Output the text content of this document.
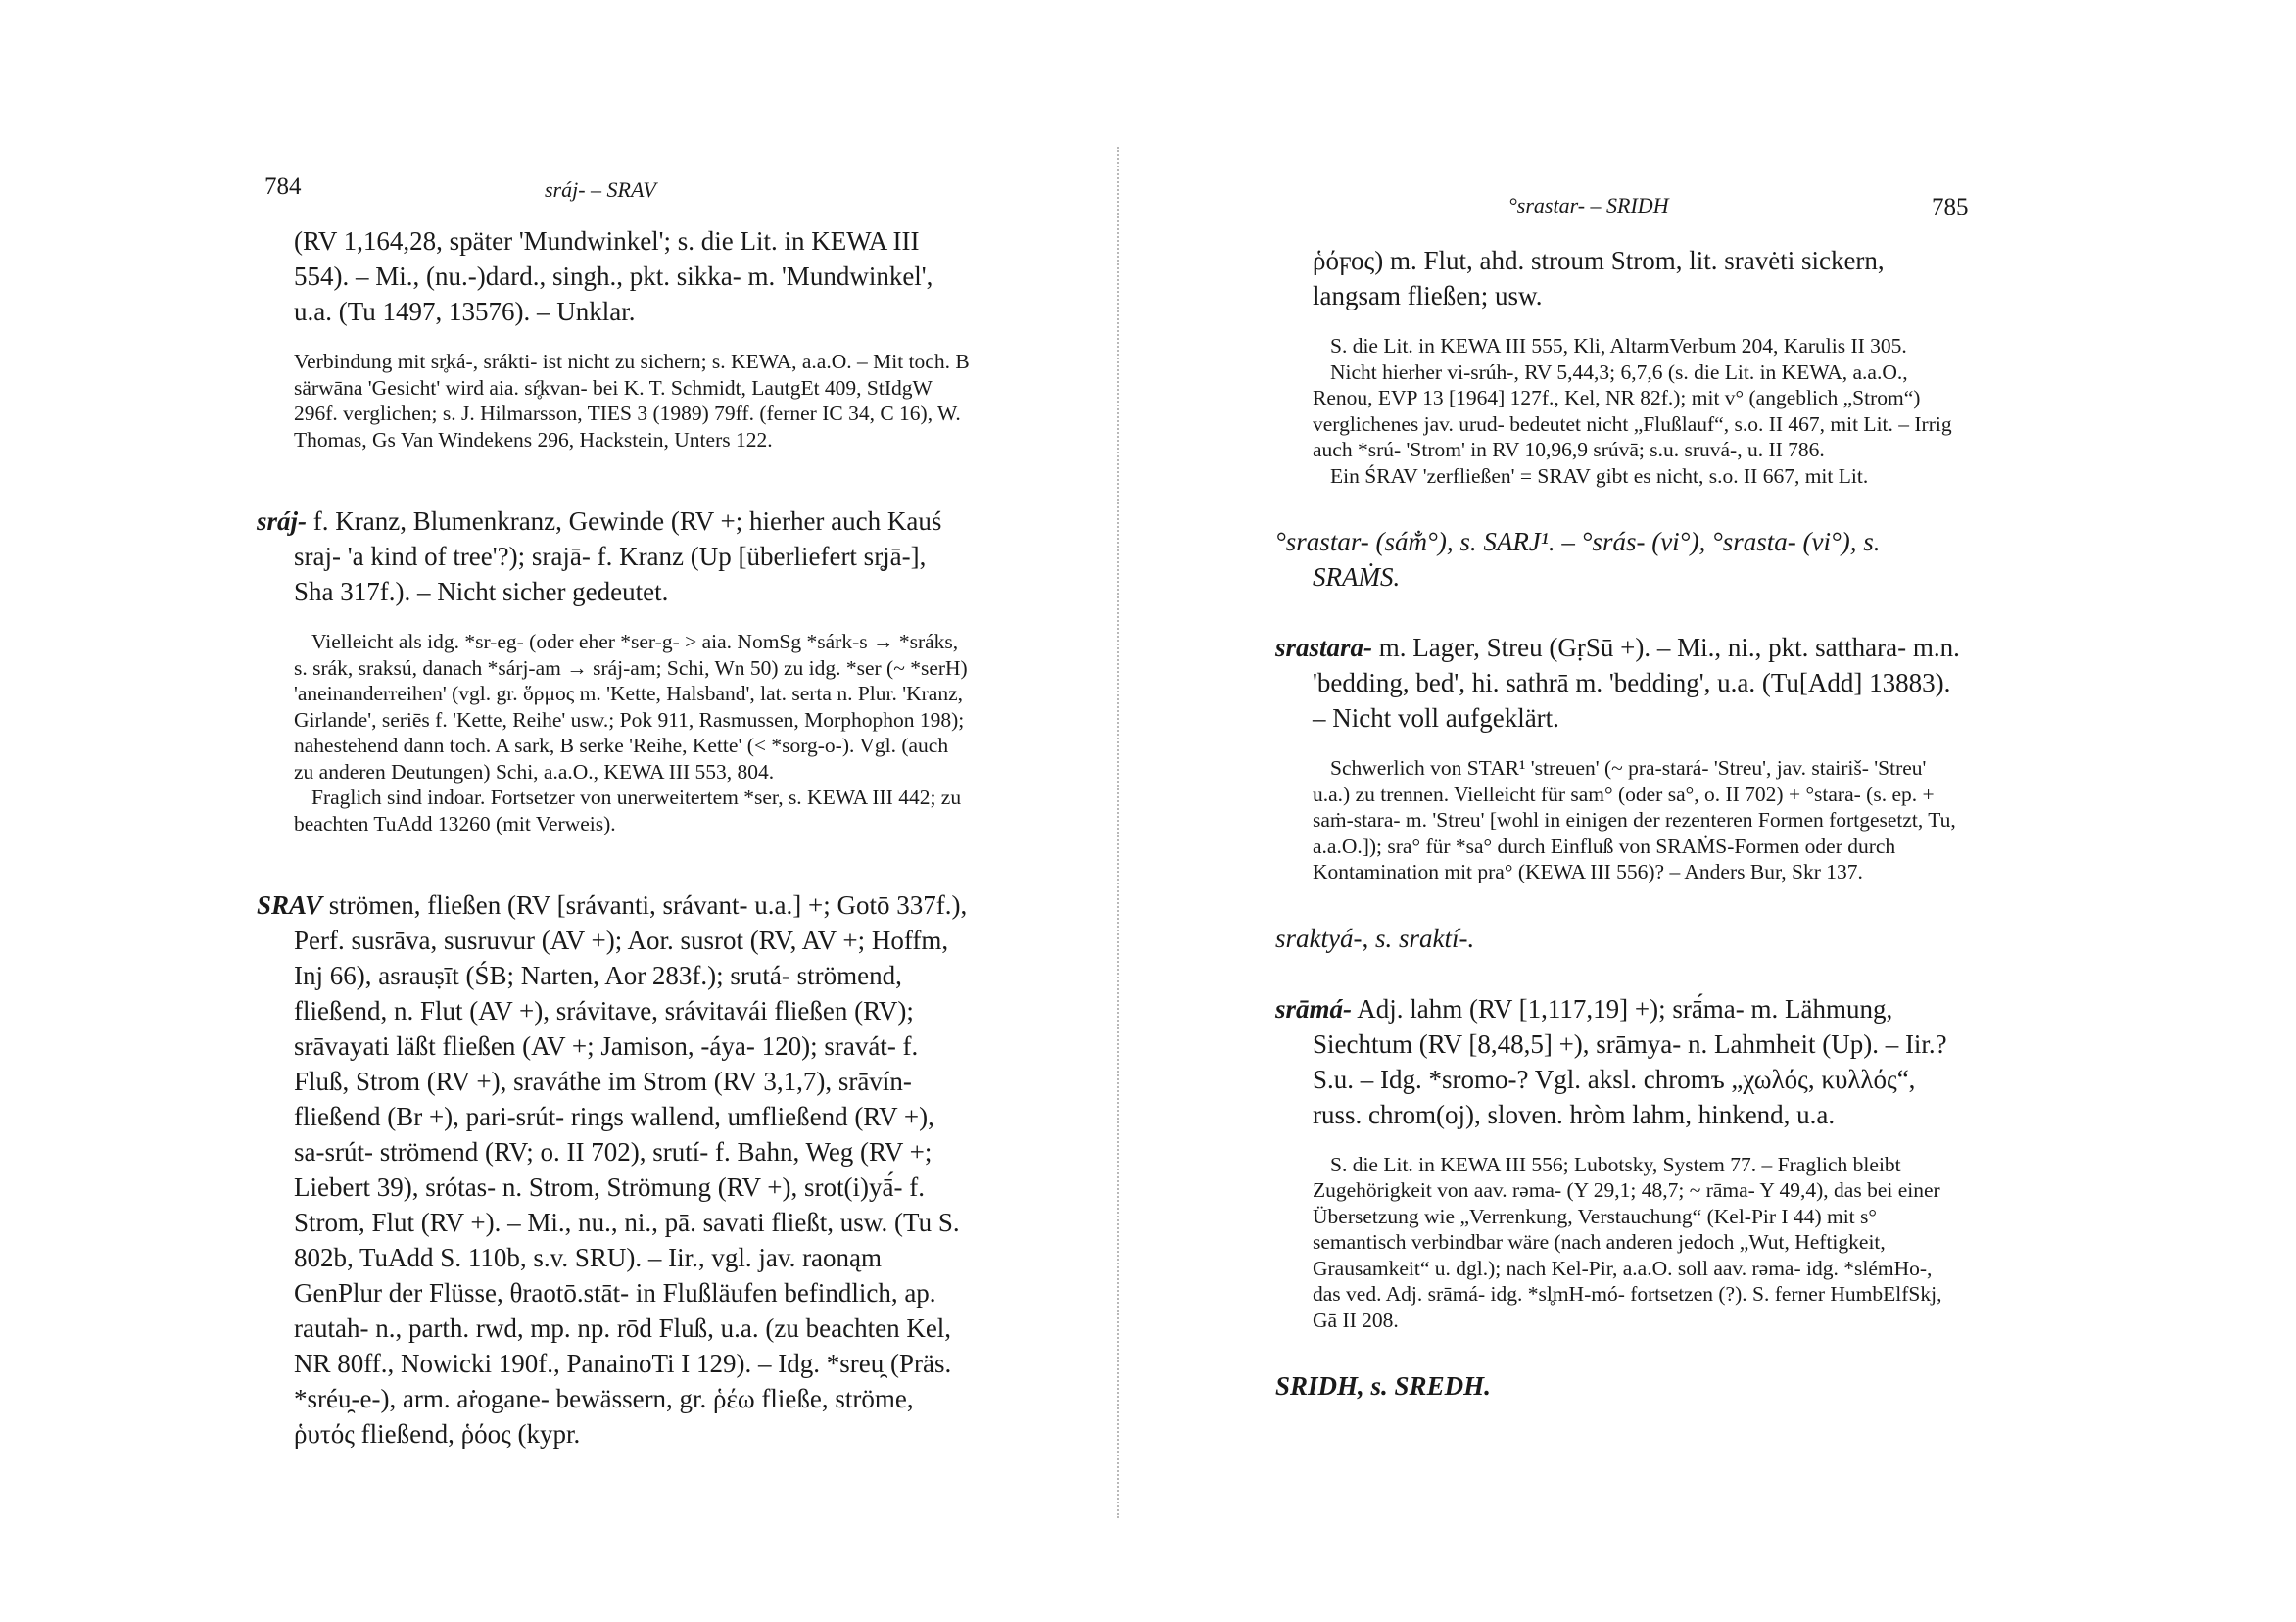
784	sráj- – SRAV

(RV 1,164,28, später 'Mundwinkel'; s. die Lit. in KEWA III 554). – Mi., (nu.-)dard., singh., pkt. sikka- m. 'Mundwinkel', u.a. (Tu 1497, 13576). – Unklar.

Verbindung mit sr̥ká-, srákti- ist nicht zu sichern; s. KEWA, a.a.O. – Mit toch. B särwāna 'Gesicht' wird aia. sŕ̥kvan- bei K. T. Schmidt, LautgEt 409, StIdgW 296f. verglichen; s. J. Hilmarsson, TIES 3 (1989) 79ff. (ferner IC 34, C 16), W. Thomas, Gs Van Windekens 296, Hackstein, Unters 122.

sráj- f. Kranz, Blumenkranz, Gewinde (RV +; hierher auch Kauś sraj- 'a kind of tree'?); srajā- f. Kranz (Up [überliefert sr̥jā-], Sha 317f.). – Nicht sicher gedeutet.

Vielleicht als idg. *sr-eg- (oder eher *ser-g- > aia. NomSg *sárk-s → *sráks, s. srák, sraksú, danach *sárj-am → sráj-am; Schi, Wn 50) zu idg. *ser (~ *serH) 'aneinanderreihen' (vgl. gr. ὅρμος m. 'Kette, Halsband', lat. serta n. Plur. 'Kranz, Girlande', seriēs f. 'Kette, Reihe' usw.; Pok 911, Rasmussen, Morphophon 198); nahestehend dann toch. A sark, B serke 'Reihe, Kette' (< *sorg-o-). Vgl. (auch zu anderen Deutungen) Schi, a.a.O., KEWA III 553, 804.

Fraglich sind indoar. Fortsetzer von unerweitertem *ser, s. KEWA III 442; zu beachten TuAdd 13260 (mit Verweis).

SRAV strömen, fließen (RV [srávanti, srávant- u.a.] +; Gotō 337f.), Perf. susrāva, susruvur (AV +); Aor. susrot (RV, AV +; Hoffm, Inj 66), asrauṣīt (ŚB; Narten, Aor 283f.); srutá- strömend, fließend, n. Flut (AV +), srávitave, srávitavái fließen (RV); srāvayati läßt fließen (AV +; Jamison, -áya- 120); sravát- f. Fluß, Strom (RV +), sraváthe im Strom (RV 3,1,7), srāvín- fließend (Br +), pari-srút- rings wallend, umfließend (RV +), sa-srút- strömend (RV; o. II 702), srutí- f. Bahn, Weg (RV +; Liebert 39), srótas- n. Strom, Strömung (RV +), srot(i)yā́- f. Strom, Flut (RV +). – Mi., nu., ni., pā. savati fließt, usw. (Tu S. 802b, TuAdd S. 110b, s.v. SRU). – Iir., vgl. jav. raonąm GenPlur der Flüsse, θraotō.stāt- in Flußläufen befindlich, ap. rautah- n., parth. rwd, mp. np. rōd Fluß, u.a. (zu beachten Kel, NR 80ff., Nowicki 190f., PanainoTi I 129). – Idg. *sreu̯ (Präs. *sréu̯-e-), arm. aṙogane- bewässern, gr. ῥέω fließe, ströme, ῥυτός fließend, ῥόος (kypr.

°srastar- – SRIDH	785

ῥόϝος) m. Flut, ahd. stroum Strom, lit. sravėti sickern, langsam fließen; usw.

S. die Lit. in KEWA III 555, Kli, AltarmVerbum 204, Karulis II 305.

Nicht hierher vi-srúh-, RV 5,44,3; 6,7,6 (s. die Lit. in KEWA, a.a.O., Renou, EVP 13 [1964] 127f., Kel, NR 82f.); mit v° (angeblich „Strom“) verglichenes jav. urud- bedeutet nicht „Flußlauf“, s.o. II 467, mit Lit. – Irrig auch *srú- 'Strom' in RV 10,96,9 srúvā; s.u. sruvá-, u. II 786.

Ein ŚRAV 'zerfließen' = SRAV gibt es nicht, s.o. II 667, mit Lit.

°srastar- (sám̐°), s. SARJ¹. – °srás- (vi°), °srasta- (vi°), s. SRAṀS.

srastara- m. Lager, Streu (GṛSū +). – Mi., ni., pkt. satthara- m.n. 'bedding, bed', hi. sathrā m. 'bedding', u.a. (Tu[Add] 13883). – Nicht voll aufgeklärt.

Schwerlich von STAR¹ 'streuen' (~ pra-stará- 'Streu', jav. stairiš- 'Streu' u.a.) zu trennen. Vielleicht für sam° (oder sa°, o. II 702) + °stara- (s. ep. + saṁ-stara- m. 'Streu' [wohl in einigen der rezenteren Formen fortgesetzt, Tu, a.a.O.]); sra° für *sa° durch Einfluß von SRAṀS-Formen oder durch Kontamination mit pra° (KEWA III 556)? – Anders Bur, Skr 137.

sraktyá-, s. sraktí-.

srāmá- Adj. lahm (RV [1,117,19] +); srā́ma- m. Lähmung, Siechtum (RV [8,48,5] +), srāmya- n. Lahmheit (Up). – Iir.? S.u. – Idg. *sromo-? Vgl. aksl. chromъ „χωλός, κυλλός“, russ. chrom(oj), sloven. hròm lahm, hinkend, u.a.

S. die Lit. in KEWA III 556; Lubotsky, System 77. – Fraglich bleibt Zugehörigkeit von aav. rəma- (Y 29,1; 48,7; ~ rāma- Y 49,4), das bei einer Übersetzung wie „Verrenkung, Verstauchung“ (Kel-Pir I 44) mit s° semantisch verbindbar wäre (nach anderen jedoch „Wut, Heftigkeit, Grausamkeit“ u. dgl.); nach Kel-Pir, a.a.O. soll aav. rəma- idg. *slémHo-, das ved. Adj. srāmá- idg. *sl̥mH-mó- fortsetzen (?). S. ferner HumbElfSkj, Gā II 208.

SRIDH, s. SREDH.
